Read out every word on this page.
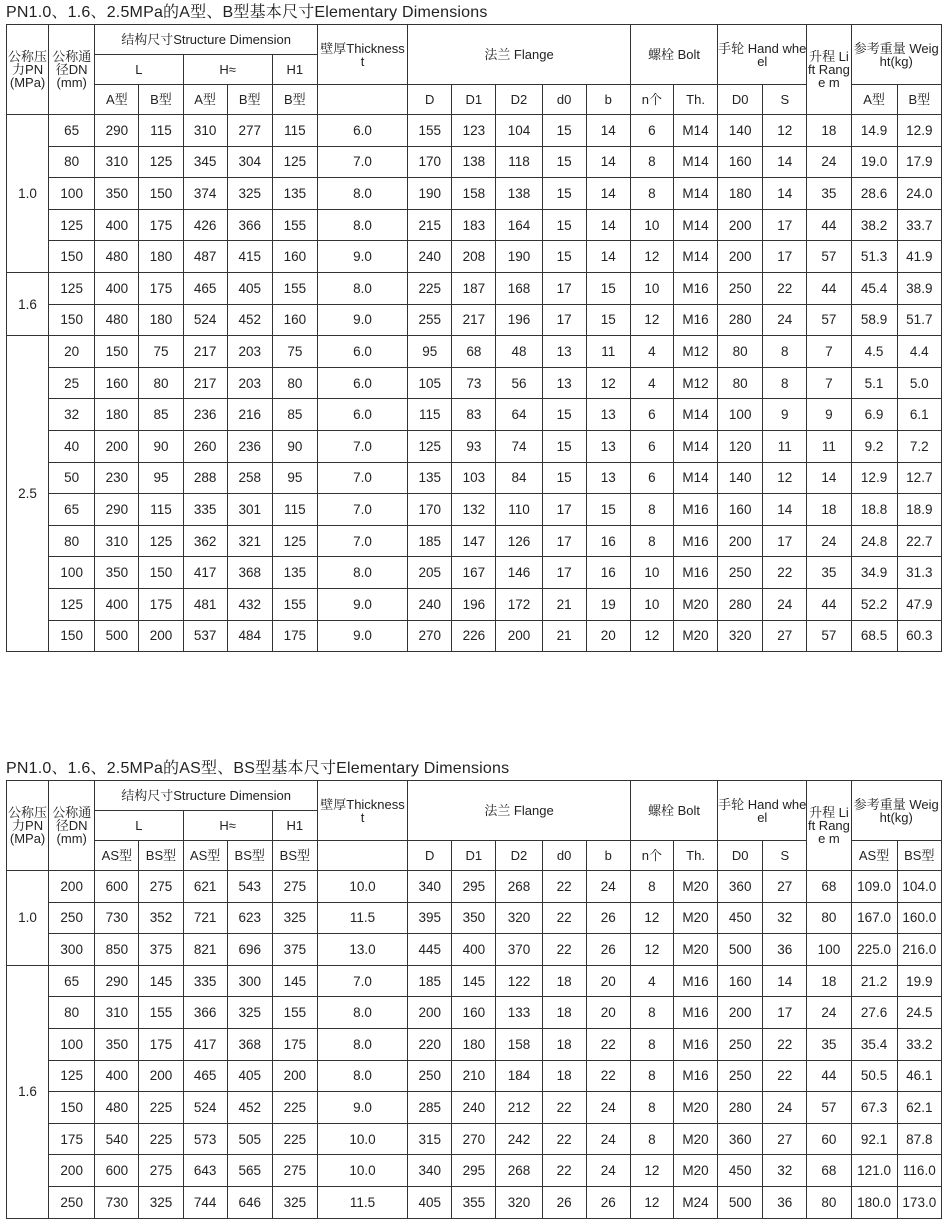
PN1.0、1.6、2.5MPa的A型、B型基本尺寸Elementary Dimensions
公称压力PN(MPa)	公称通径DN(mm)	结构尺寸Structure Dimension					壁厚Thickness t	法兰 Flange					螺栓 Bolt		手轮 Hand wheel		升程 Lift Range m	参考重量 Weight(kg)	
		L		H≈		H1													
		A型	B型	A型	B型	B型		D	D1	D2	d0	b	n个	Th.	D0	S		A型	B型
1.0	65	290	115	310	277	115	6.0	155	123	104	15	14	6	M14	140	12	18	14.9	12.9
	80	310	125	345	304	125	7.0	170	138	118	15	14	8	M14	160	14	24	19.0	17.9
	100	350	150	374	325	135	8.0	190	158	138	15	14	8	M14	180	14	35	28.6	24.0
	125	400	175	426	366	155	8.0	215	183	164	15	14	10	M14	200	17	44	38.2	33.7
	150	480	180	487	415	160	9.0	240	208	190	15	14	12	M14	200	17	57	51.3	41.9
1.6	125	400	175	465	405	155	8.0	225	187	168	17	15	10	M16	250	22	44	45.4	38.9
	150	480	180	524	452	160	9.0	255	217	196	17	15	12	M16	280	24	57	58.9	51.7
2.5	20	150	75	217	203	75	6.0	95	68	48	13	11	4	M12	80	8	7	4.5	4.4
	25	160	80	217	203	80	6.0	105	73	56	13	12	4	M12	80	8	7	5.1	5.0
	32	180	85	236	216	85	6.0	115	83	64	15	13	6	M14	100	9	9	6.9	6.1
	40	200	90	260	236	90	7.0	125	93	74	15	13	6	M14	120	11	11	9.2	7.2
	50	230	95	288	258	95	7.0	135	103	84	15	13	6	M14	140	12	14	12.9	12.7
	65	290	115	335	301	115	7.0	170	132	110	17	15	8	M16	160	14	18	18.8	18.9
	80	310	125	362	321	125	7.0	185	147	126	17	16	8	M16	200	17	24	24.8	22.7
	100	350	150	417	368	135	8.0	205	167	146	17	16	10	M16	250	22	35	34.9	31.3
	125	400	175	481	432	155	9.0	240	196	172	21	19	10	M20	280	24	44	52.2	47.9
	150	500	200	537	484	175	9.0	270	226	200	21	20	12	M20	320	27	57	68.5	60.3
PN1.0、1.6、2.5MPa的AS型、BS型基本尺寸Elementary Dimensions
公称压力PN(MPa)	公称通径DN(mm)	结构尺寸Structure Dimension					壁厚Thickness t	法兰 Flange					螺栓 Bolt		手轮 Hand wheel		升程 Lift Range m	参考重量 Weight(kg)	
		L		H≈		H1													
		AS型	BS型	AS型	BS型	BS型		D	D1	D2	d0	b	n个	Th.	D0	S		AS型	BS型
1.0	200	600	275	621	543	275	10.0	340	295	268	22	24	8	M20	360	27	68	109.0	104.0
	250	730	352	721	623	325	11.5	395	350	320	22	26	12	M20	450	32	80	167.0	160.0
	300	850	375	821	696	375	13.0	445	400	370	22	26	12	M20	500	36	100	225.0	216.0
1.6	65	290	145	335	300	145	7.0	185	145	122	18	20	4	M16	160	14	18	21.2	19.9
	80	310	155	366	325	155	8.0	200	160	133	18	20	8	M16	200	17	24	27.6	24.5
	100	350	175	417	368	175	8.0	220	180	158	18	22	8	M16	250	22	35	35.4	33.2
	125	400	200	465	405	200	8.0	250	210	184	18	22	8	M16	250	22	44	50.5	46.1
	150	480	225	524	452	225	9.0	285	240	212	22	24	8	M20	280	24	57	67.3	62.1
	175	540	225	573	505	225	10.0	315	270	242	22	24	8	M20	360	27	60	92.1	87.8
	200	600	275	643	565	275	10.0	340	295	268	22	24	12	M20	450	32	68	121.0	116.0
	250	730	325	744	646	325	11.5	405	355	320	26	26	12	M24	500	36	80	180.0	173.0
